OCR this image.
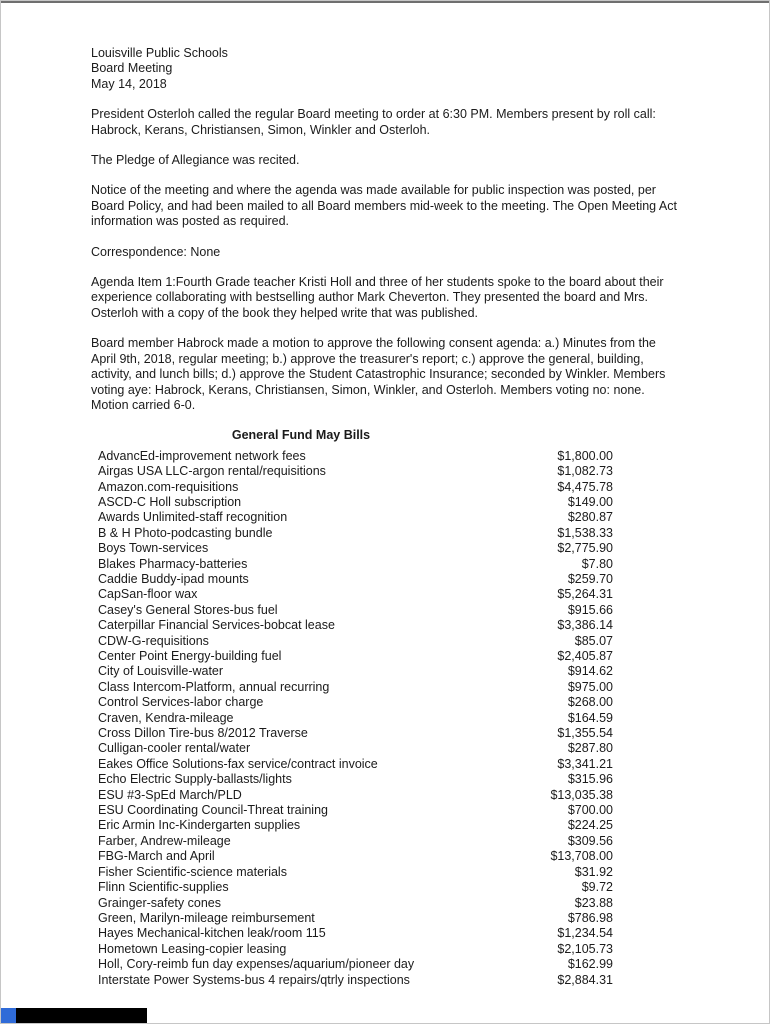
Louisville Public Schools
Board Meeting
May 14, 2018

President Osterloh called the regular Board meeting to order at 6:30 PM. Members present by roll call: Habrock, Kerans, Christiansen, Simon, Winkler and Osterloh.

The Pledge of Allegiance was recited.

Notice of the meeting and where the agenda was made available for public inspection was posted, per Board Policy, and had been mailed to all Board members mid-week to the meeting. The Open Meeting Act information was posted as required.

Correspondence: None

Agenda Item 1:Fourth Grade teacher Kristi Holl and three of her students spoke to the board about their experience collaborating with bestselling author Mark Cheverton. They presented the board and Mrs. Osterloh with a copy of the book they helped write that was published.

Board member Habrock made a motion to approve the following consent agenda: a.) Minutes from the April 9th, 2018, regular meeting; b.) approve the treasurer's report; c.) approve the general, building, activity, and lunch bills; d.) approve the Student Catastrophic Insurance; seconded by Winkler. Members voting aye: Habrock, Kerans, Christiansen, Simon, Winkler, and Osterloh. Members voting no: none. Motion carried 6-0.

General Fund May Bills
AdvancEd-improvement network fees	$1,800.00
Airgas USA LLC-argon rental/requisitions	$1,082.73
Amazon.com-requisitions	$4,475.78
ASCD-C Holl subscription	$149.00
Awards Unlimited-staff recognition	$280.87
B & H Photo-podcasting bundle	$1,538.33
Boys Town-services	$2,775.90
Blakes Pharmacy-batteries	$7.80
Caddie Buddy-ipad mounts	$259.70
CapSan-floor wax	$5,264.31
Casey's General Stores-bus fuel	$915.66
Caterpillar Financial Services-bobcat lease	$3,386.14
CDW-G-requisitions	$85.07
Center Point Energy-building fuel	$2,405.87
City of Louisville-water	$914.62
Class Intercom-Platform, annual recurring	$975.00
Control Services-labor charge	$268.00
Craven, Kendra-mileage	$164.59
Cross Dillon Tire-bus 8/2012 Traverse	$1,355.54
Culligan-cooler rental/water	$287.80
Eakes Office Solutions-fax service/contract invoice	$3,341.21
Echo Electric Supply-ballasts/lights	$315.96
ESU #3-SpEd March/PLD	$13,035.38
ESU Coordinating Council-Threat training	$700.00
Eric Armin Inc-Kindergarten supplies	$224.25
Farber, Andrew-mileage	$309.56
FBG-March and April	$13,708.00
Fisher Scientific-science materials	$31.92
Flinn Scientific-supplies	$9.72
Grainger-safety cones	$23.88
Green, Marilyn-mileage reimbursement	$786.98
Hayes Mechanical-kitchen leak/room 115	$1,234.54
Hometown Leasing-copier leasing	$2,105.73
Holl, Cory-reimb fun day expenses/aquarium/pioneer day	$162.99
Interstate Power Systems-bus 4 repairs/qtrly inspections	$2,884.31
